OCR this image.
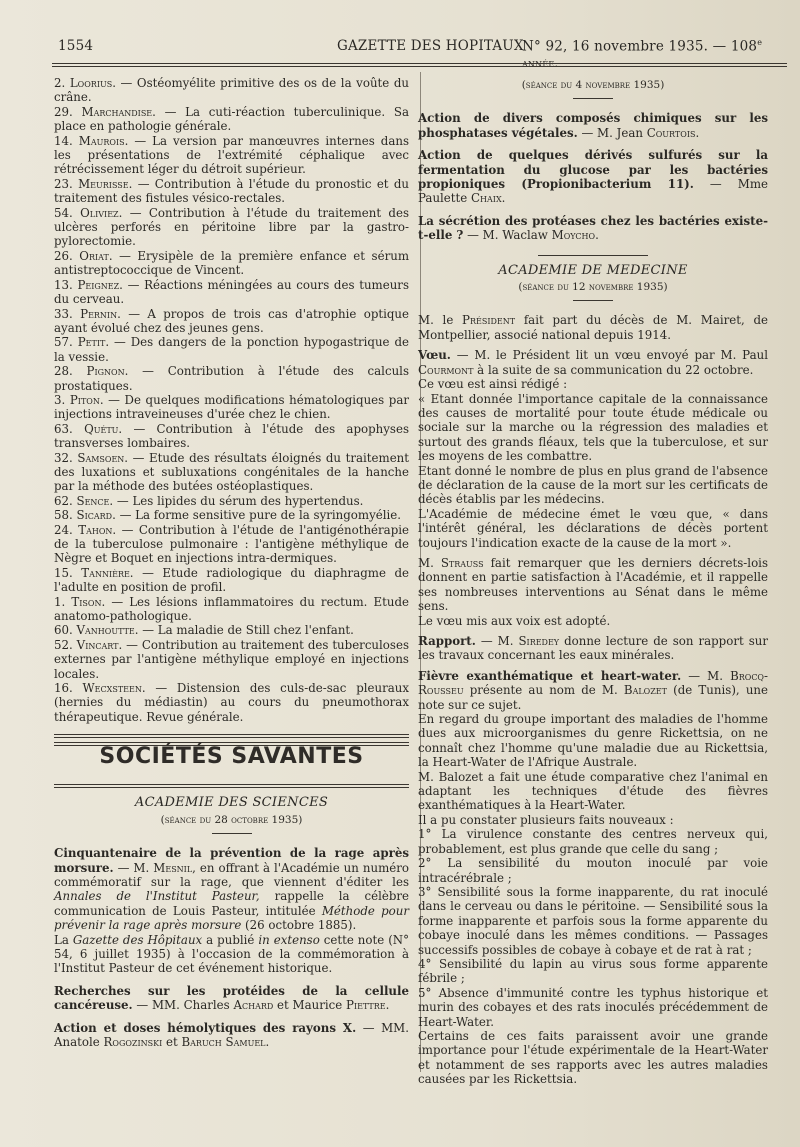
1554	GAZETTE DES HOPITAUX
N° 92, 16 novembre 1935. — 108e année.

2. Loorius. — Ostéomyélite primitive des os de la voûte du crâne.

29. Marchandise. — La cuti-réaction tuberculinique. Sa place en pathologie générale.

14. Maurois. — La version par manœuvres internes dans les présentations de l'extrémité céphalique avec rétrécissement léger du détroit supérieur.

23. Meurisse. — Contribution à l'étude du pronostic et du traitement des fistules vésico-rectales.

54. Oliviez. — Contribution à l'étude du traitement des ulcères perforés en péritoine libre par la gastro-pylorectomie.

26. Oriat. — Erysipèle de la première enfance et sérum antistreptococcique de Vincent.

13. Peignez. — Réactions méningées au cours des tumeurs du cerveau.

33. Pernin. — A propos de trois cas d'atrophie optique ayant évolué chez des jeunes gens.

57. Petit. — Des dangers de la ponction hypogastrique de la vessie.

28. Pignon. — Contribution à l'étude des calculs prostatiques.

3. Piton. — De quelques modifications hématologiques par injections intraveineuses d'urée chez le chien.

63. Quétu. — Contribution à l'étude des apophyses transverses lombaires.

32. Samsoen. — Etude des résultats éloignés du traitement des luxations et subluxations congénitales de la hanche par la méthode des butées ostéoplastiques.

62. Sence. — Les lipides du sérum des hypertendus.

58. Sicard. — La forme sensitive pure de la syringomyélie.

24. Tahon. — Contribution à l'étude de l'antigénothérapie de la tuberculose pulmonaire : l'antigène méthylique de Nègre et Boquet en injections intra-dermiques.

15. Tannière. — Etude radiologique du diaphragme de l'adulte en position de profil.

1. Tison. — Les lésions inflammatoires du rectum. Etude anatomo-pathologique.

60. Vanhoutte. — La maladie de Still chez l'enfant.

52. Vincart. — Contribution au traitement des tuberculoses externes par l'antigène méthylique employé en injections locales.

16. Wecxsteen. — Distension des culs-de-sac pleuraux (hernies du médiastin) au cours du pneumothorax thérapeutique. Revue générale.

SOCIÉTÉS SAVANTES
ACADEMIE DES SCIENCES
(séance du 28 octobre 1935)

Cinquantenaire de la prévention de la rage après morsure. — M. Mesnil, en offrant à l'Académie un numéro commémoratif sur la rage, que viennent d'éditer les Annales de l'Institut Pasteur, rappelle la célèbre communication de Louis Pasteur, intitulée Méthode pour prévenir la rage après morsure (26 octobre 1885).

La Gazette des Hôpitaux a publié in extenso cette note (N° 54, 6 juillet 1935) à l'occasion de la commémoration à l'Institut Pasteur de cet événement historique.

Recherches sur les protéides de la cellule cancéreuse. — MM. Charles Achard et Maurice Piettre.

Action et doses hémolytiques des rayons X. — MM. Anatole Rogozinski et Baruch Samuel.

(séance du 4 novembre 1935)

Action de divers composés chimiques sur les phosphatases végétales. — M. Jean Courtois.

Action de quelques dérivés sulfurés sur la fermentation du glucose par les bactéries propioniques (Propionibacterium 11). — Mme Paulette Chaix.

La sécrétion des protéases chez les bactéries existe-t-elle ? — M. Waclaw Moycho.

ACADEMIE DE MEDECINE
(séance du 12 novembre 1935)

M. le Président fait part du décès de M. Mairet, de Montpellier, associé national depuis 1914.

Vœu. — M. le Président lit un vœu envoyé par M. Paul Courmont à la suite de sa communication du 22 octobre.

Ce vœu est ainsi rédigé :

« Etant donnée l'importance capitale de la connaissance des causes de mortalité pour toute étude médicale ou sociale sur la marche ou la régression des maladies et surtout des grands fléaux, tels que la tuberculose, et sur les moyens de les combattre.

Etant donné le nombre de plus en plus grand de l'absence de déclaration de la cause de la mort sur les certificats de décès établis par les médecins.

L'Académie de médecine émet le vœu que, « dans l'intérêt général, les déclarations de décès portent toujours l'indication exacte de la cause de la mort ».

M. Strauss fait remarquer que les derniers décrets-lois donnent en partie satisfaction à l'Académie, et il rappelle ses nombreuses interventions au Sénat dans le même sens.

Le vœu mis aux voix est adopté.

Rapport. — M. Siredey donne lecture de son rapport sur les travaux concernant les eaux minérales.

Fièvre exanthématique et heart-water. — M. Brocq-Rousseu présente au nom de M. Balozet (de Tunis), une note sur ce sujet.

En regard du groupe important des maladies de l'homme dues aux microorganismes du genre Rickettsia, on ne connaît chez l'homme qu'une maladie due au Rickettsia, la Heart-Water de l'Afrique Australe.

M. Balozet a fait une étude comparative chez l'animal en adaptant les techniques d'étude des fièvres exanthématiques à la Heart-Water.

Il a pu constater plusieurs faits nouveaux :

1° La virulence constante des centres nerveux qui, probablement, est plus grande que celle du sang ;

2° La sensibilité du mouton inoculé par voie intracérébrale ;

3° Sensibilité sous la forme inapparente, du rat inoculé dans le cerveau ou dans le péritoine. — Sensibilité sous la forme inapparente et parfois sous la forme apparente du cobaye inoculé dans les mêmes conditions. — Passages successifs possibles de cobaye à cobaye et de rat à rat ;

4° Sensibilité du lapin au virus sous forme apparente fébrile ;

5° Absence d'immunité contre les typhus historique et murin des cobayes et des rats inoculés précédemment de Heart-Water.

Certains de ces faits paraissent avoir une grande importance pour l'étude expérimentale de la Heart-Water et notamment de ses rapports avec les autres maladies causées par les Rickettsia.
